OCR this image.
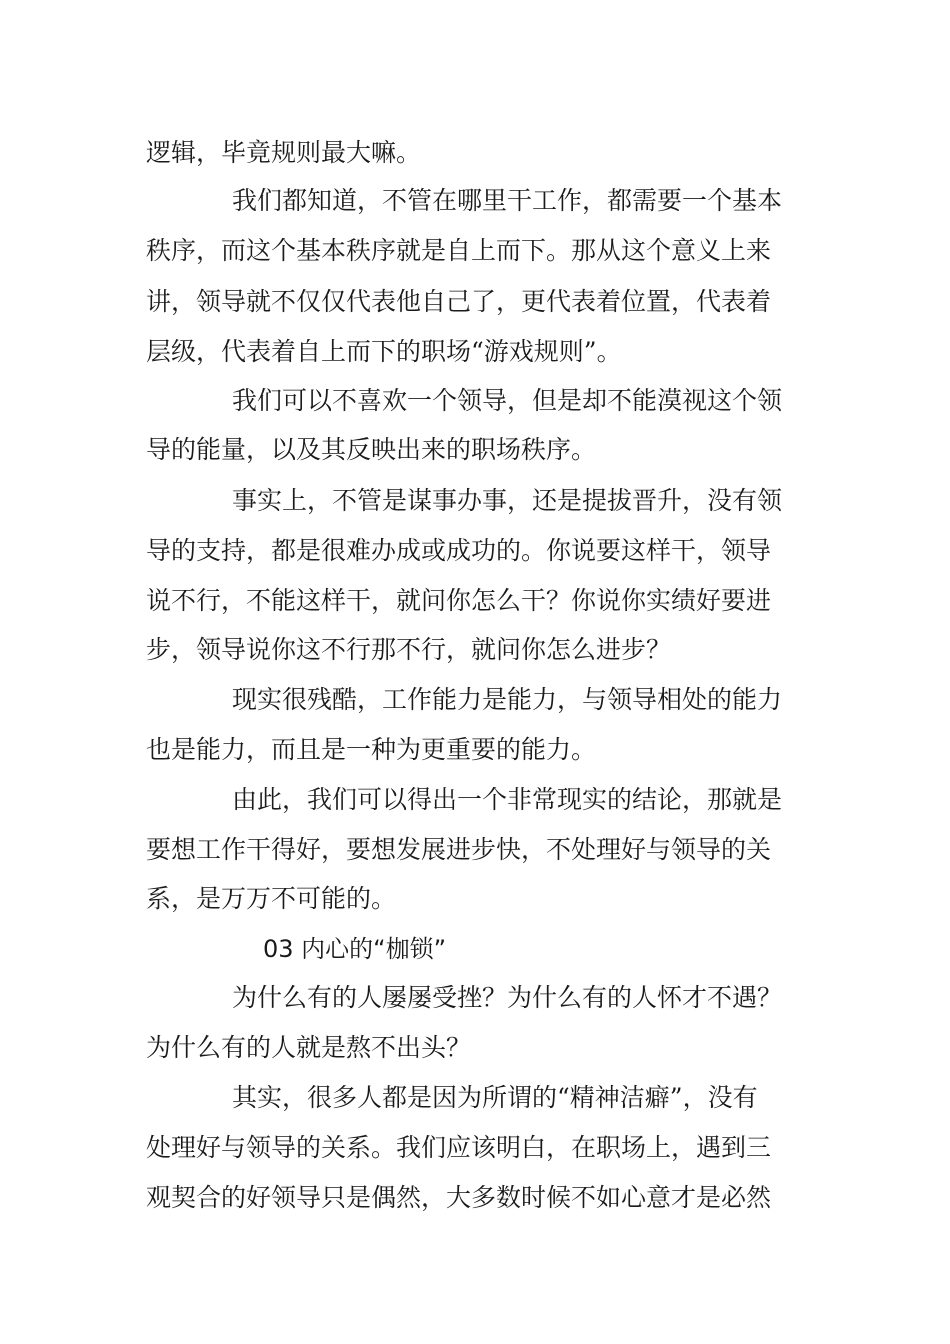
逻辑，毕竟规则最大嘛。

我们都知道，不管在哪里干工作，都需要一个基本

秩序，而这个基本秩序就是自上而下。那从这个意义上来

讲，领导就不仅仅代表他自己了，更代表着位置，代表着

层级，代表着自上而下的职场“游戏规则”。

我们可以不喜欢一个领导，但是却不能漠视这个领

导的能量，以及其反映出来的职场秩序。

事实上，不管是谋事办事，还是提拔晋升，没有领

导的支持，都是很难办成或成功的。你说要这样干，领导

说不行，不能这样干，就问你怎么干？你说你实绩好要进

步，领导说你这不行那不行，就问你怎么进步？

现实很残酷，工作能力是能力，与领导相处的能力

也是能力，而且是一种为更重要的能力。

由此，我们可以得出一个非常现实的结论，那就是

要想工作干得好，要想发展进步快，不处理好与领导的关

系，是万万不可能的。

03 内心的“枷锁”

为什么有的人屡屡受挫？为什么有的人怀才不遇？

为什么有的人就是熬不出头？

其实，很多人都是因为所谓的“精神洁癖”，没有

处理好与领导的关系。我们应该明白，在职场上，遇到三

观契合的好领导只是偶然，大多数时候不如心意才是必然
